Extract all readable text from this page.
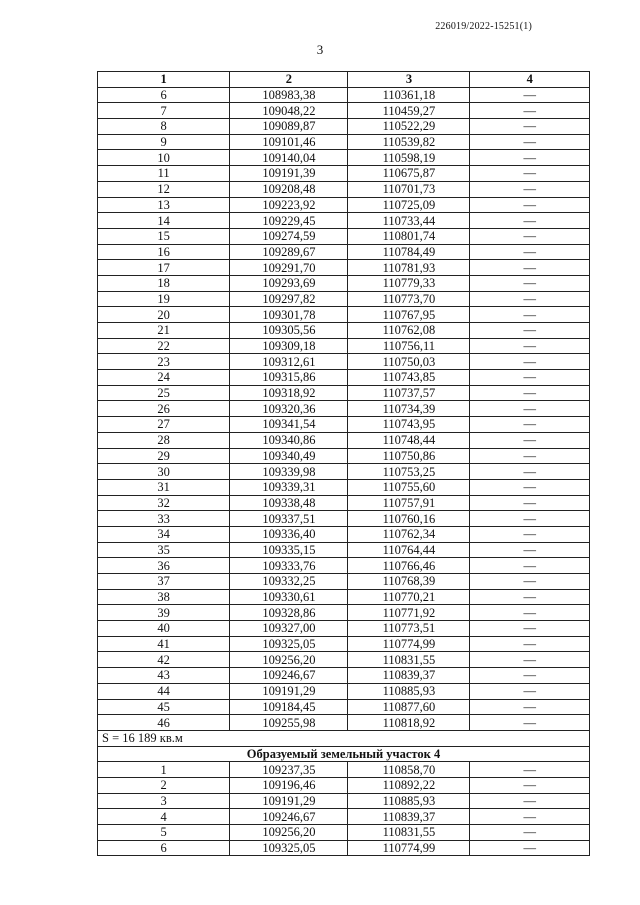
226019/2022-15251(1)
3
1	2	3	4
6	108983,38	110361,18	—
7	109048,22	110459,27	—
8	109089,87	110522,29	—
9	109101,46	110539,82	—
10	109140,04	110598,19	—
11	109191,39	110675,87	—
12	109208,48	110701,73	—
13	109223,92	110725,09	—
14	109229,45	110733,44	—
15	109274,59	110801,74	—
16	109289,67	110784,49	—
17	109291,70	110781,93	—
18	109293,69	110779,33	—
19	109297,82	110773,70	—
20	109301,78	110767,95	—
21	109305,56	110762,08	—
22	109309,18	110756,11	—
23	109312,61	110750,03	—
24	109315,86	110743,85	—
25	109318,92	110737,57	—
26	109320,36	110734,39	—
27	109341,54	110743,95	—
28	109340,86	110748,44	—
29	109340,49	110750,86	—
30	109339,98	110753,25	—
31	109339,31	110755,60	—
32	109338,48	110757,91	—
33	109337,51	110760,16	—
34	109336,40	110762,34	—
35	109335,15	110764,44	—
36	109333,76	110766,46	—
37	109332,25	110768,39	—
38	109330,61	110770,21	—
39	109328,86	110771,92	—
40	109327,00	110773,51	—
41	109325,05	110774,99	—
42	109256,20	110831,55	—
43	109246,67	110839,37	—
44	109191,29	110885,93	—
45	109184,45	110877,60	—
46	109255,98	110818,92	—
S = 16 189 кв.м			
Образуемый земельный участок 4			
1	109237,35	110858,70	—
2	109196,46	110892,22	—
3	109191,29	110885,93	—
4	109246,67	110839,37	—
5	109256,20	110831,55	—
6	109325,05	110774,99	—
